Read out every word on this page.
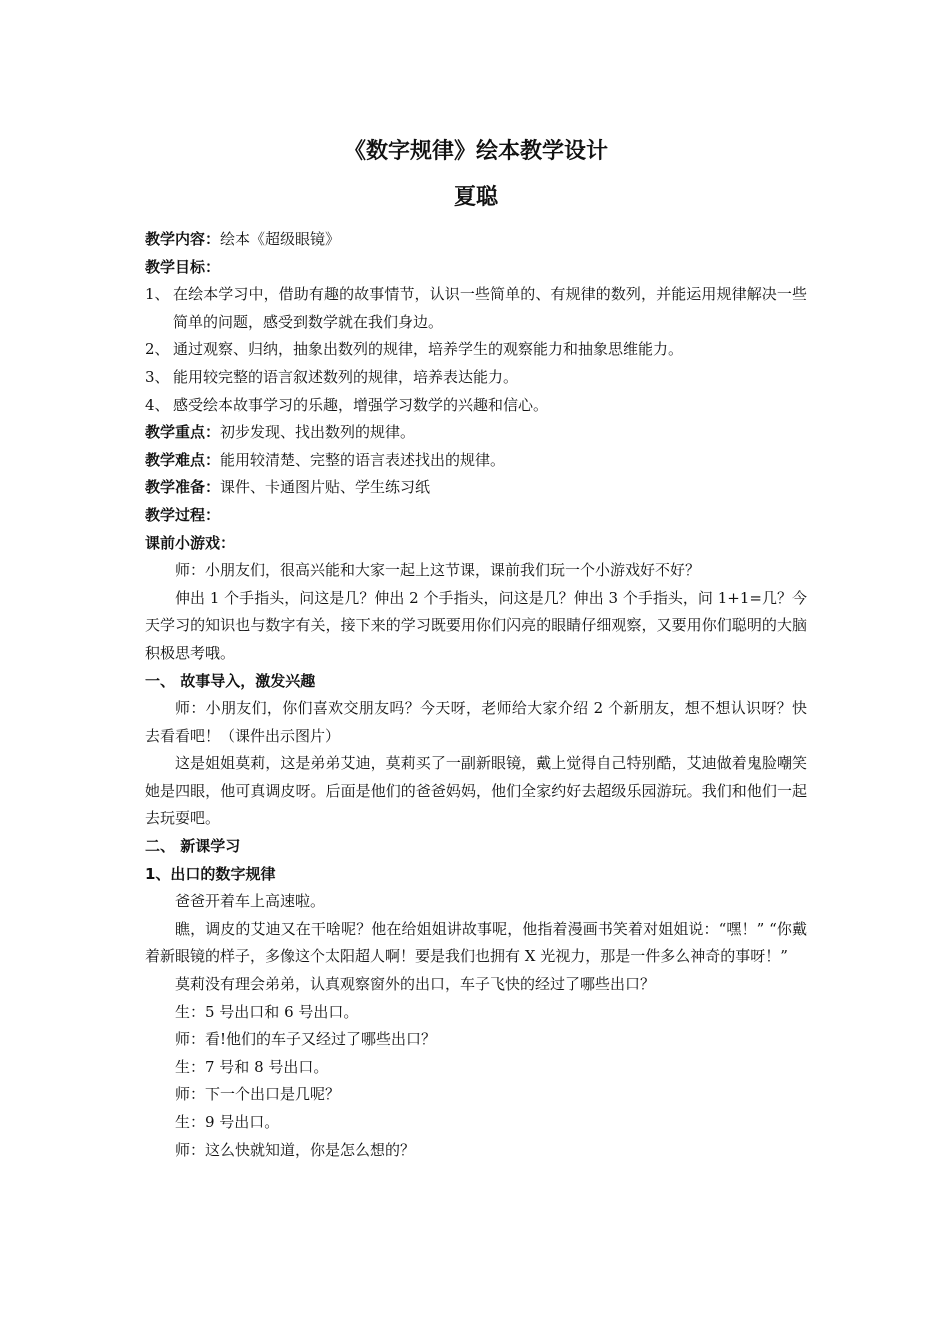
《数字规律》绘本教学设计
夏聪

教学内容：绘本《超级眼镜》

教学目标：

1、 在绘本学习中，借助有趣的故事情节，认识一些简单的、有规律的数列，并能运用规律解决一些简单的问题，感受到数学就在我们身边。
2、 通过观察、归纳，抽象出数列的规律，培养学生的观察能力和抽象思维能力。
3、 能用较完整的语言叙述数列的规律，培养表达能力。
4、 感受绘本故事学习的乐趣，增强学习数学的兴趣和信心。

教学重点：初步发现、找出数列的规律。

教学难点：能用较清楚、完整的语言表述找出的规律。

教学准备：课件、卡通图片贴、学生练习纸

教学过程：

课前小游戏：

师：小朋友们，很高兴能和大家一起上这节课，课前我们玩一个小游戏好不好？

伸出 1 个手指头，问这是几？伸出 2 个手指头，问这是几？伸出 3 个手指头，问 1+1=几？今天学习的知识也与数字有关，接下来的学习既要用你们闪亮的眼睛仔细观察，又要用你们聪明的大脑积极思考哦。

一、 故事导入，激发兴趣

师：小朋友们，你们喜欢交朋友吗？今天呀，老师给大家介绍 2 个新朋友，想不想认识呀？快去看看吧！（课件出示图片）

这是姐姐莫莉，这是弟弟艾迪，莫莉买了一副新眼镜，戴上觉得自己特别酷，艾迪做着鬼脸嘲笑她是四眼，他可真调皮呀。后面是他们的爸爸妈妈，他们全家约好去超级乐园游玩。我们和他们一起去玩耍吧。

二、 新课学习

1、出口的数字规律

爸爸开着车上高速啦。

瞧，调皮的艾迪又在干啥呢？他在给姐姐讲故事呢，他指着漫画书笑着对姐姐说：“嘿！” “你戴着新眼镜的样子，多像这个太阳超人啊！要是我们也拥有 X 光视力，那是一件多么神奇的事呀！”

莫莉没有理会弟弟，认真观察窗外的出口，车子飞快的经过了哪些出口？

生：5 号出口和 6 号出口。

师：看!他们的车子又经过了哪些出口？

生：7 号和 8 号出口。

师：下一个出口是几呢？

生：9 号出口。

师：这么快就知道，你是怎么想的？
